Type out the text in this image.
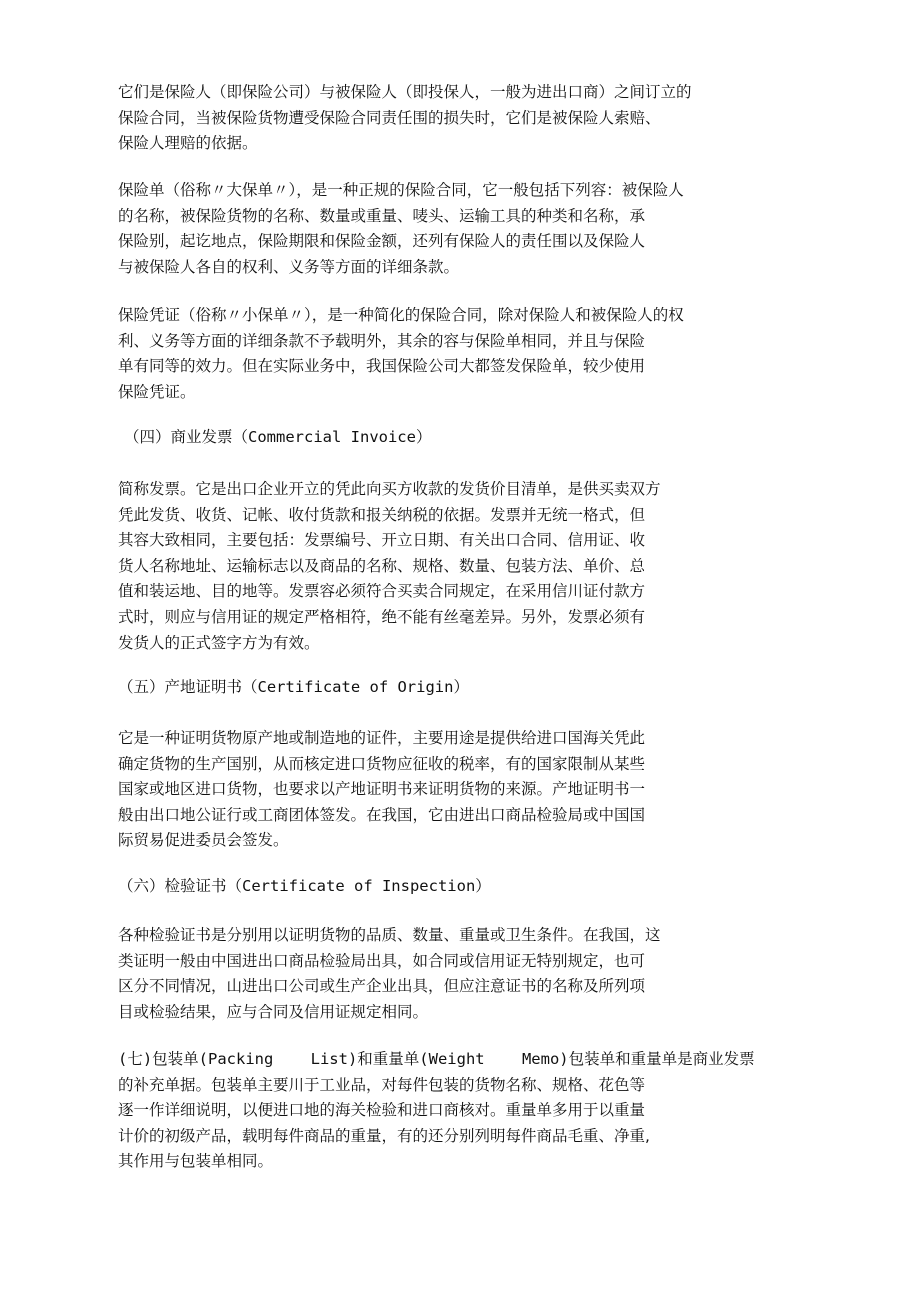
它们是保险人（即保险公司）与被保险人（即投保人，一般为进出口商）之间订立的
保险合同，当被保险货物遭受保险合同责任围的损失时，它们是被保险人索赔、
保险人理赔的依据。
保险单（俗称〃大保单〃），是一种正规的保险合同，它一般包括下列容：被保险人
的名称，被保险货物的名称、数量或重量、唛头、运输工具的种类和名称，承
保险别，起讫地点，保险期限和保险金额，还列有保险人的责任围以及保险人
与被保险人各自的权利、义务等方面的详细条款。
保险凭证（俗称〃小保单〃），是一种简化的保险合同，除对保险人和被保险人的权
利、义务等方面的详细条款不予载明外，其余的容与保险单相同，并且与保险
单有同等的效力。但在实际业务中，我国保险公司大都签发保险单，较少使用
保险凭证。
（四）商业发票（Commercial Invoice）
简称发票。它是出口企业开立的凭此向买方收款的发货价目清单，是供买卖双方
凭此发货、收货、记帐、收付货款和报关纳税的依据。发票并无统一格式，但
其容大致相同，主要包括：发票编号、开立日期、有关出口合同、信用证、收
货人名称地址、运输标志以及商品的名称、规格、数量、包装方法、单价、总
值和装运地、目的地等。发票容必须符合买卖合同规定，在采用信川证付款方
式时，则应与信用证的规定严格相符，绝不能有丝毫差异。另外，发票必须有
发货人的正式签字方为有效。
（五）产地证明书（Certificate of Origin）
它是一种证明货物原产地或制造地的证件，主要用途是提供给进口国海关凭此
确定货物的生产国别，从而核定进口货物应征收的税率，有的国家限制从某些
国家或地区进口货物，也要求以产地证明书来证明货物的来源。产地证明书一
般由出口地公证行或工商团体签发。在我国，它由进出口商品检验局或中国国
际贸易促进委员会签发。
（六）检验证书（Certificate of Inspection）
各种检验证书是分别用以证明货物的品质、数量、重量或卫生条件。在我国，这
类证明一般由中国进出口商品检验局出具，如合同或信用证无特别规定，也可
区分不同情况，山进出口公司或生产企业出具，但应注意证书的名称及所列项
目或检验结果，应与合同及信用证规定相同。
(七)包装单(Packing    List)和重量单(Weight    Memo)包装单和重量单是商业发票
的补充单据。包装单主要川于工业品，对每件包装的货物名称、规格、花色等
逐一作详细说明，以便进口地的海关检验和进口商核对。重量单多用于以重量
计价的初级产品，载明每件商品的重量，有的还分别列明每件商品毛重、净重,
其作用与包装单相同。
